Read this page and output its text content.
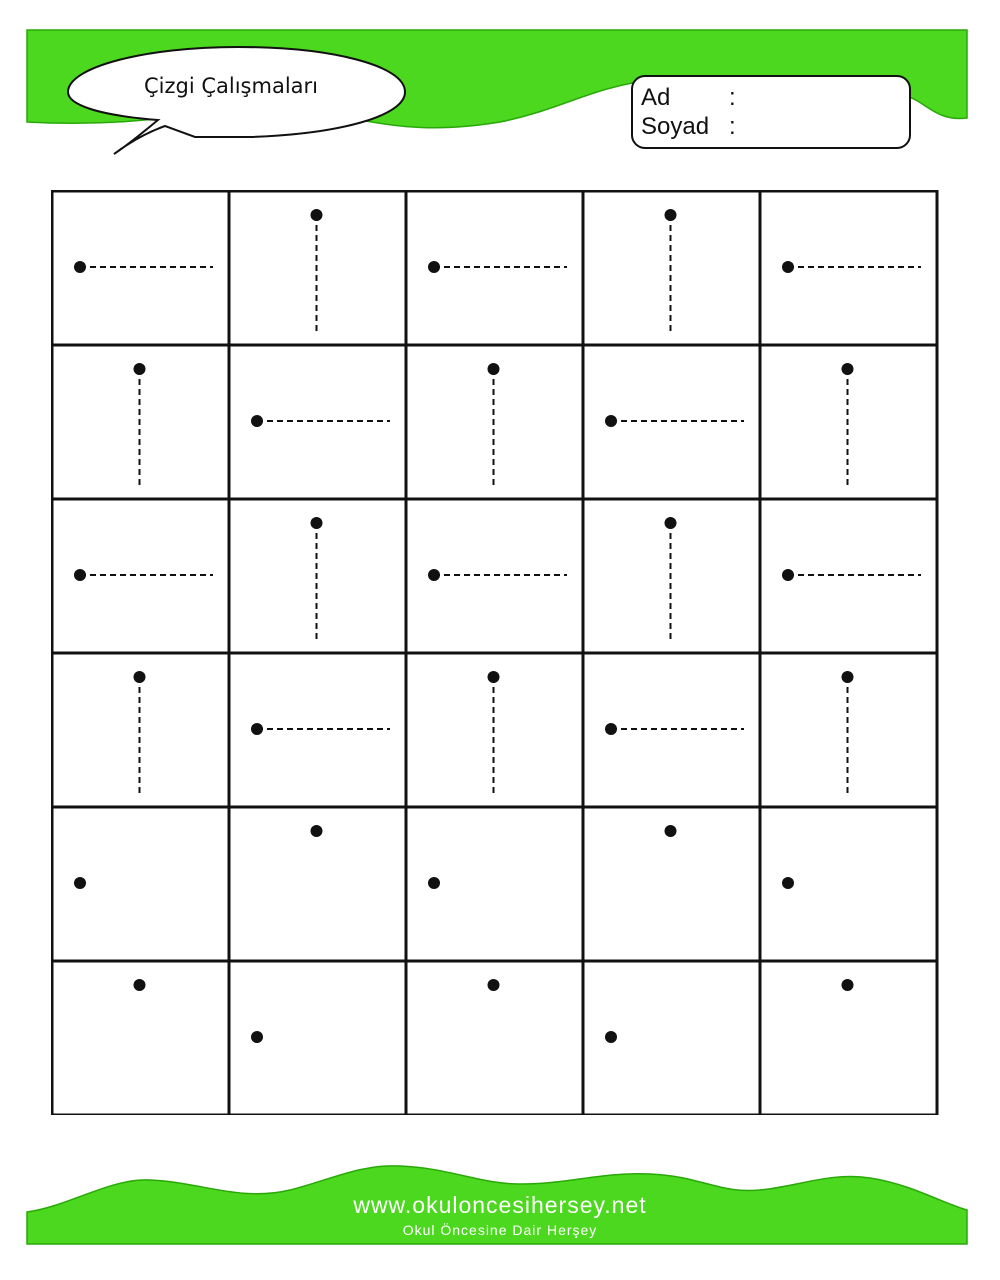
Çizgi Çalışmaları	Ad :
Soyad :
www.okuloncesihersey.net
Okul Öncesine Dair Herşey
